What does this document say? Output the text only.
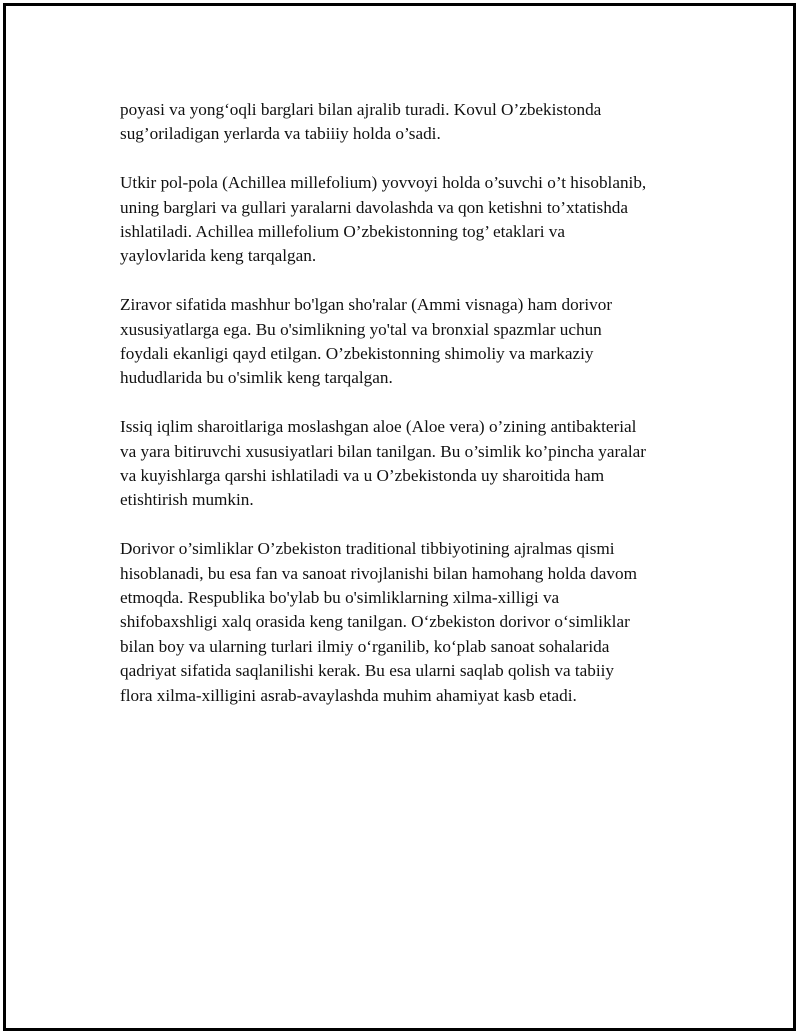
poyasi va yong‘oqli barglari bilan ajralib turadi. Kovul O’zbekistonda
sug’oriladigan yerlarda va tabiiiy holda o’sadi.

Utkir pol-pola (Achillea millefolium) yovvoyi holda o’suvchi o’t hisoblanib,
uning barglari va gullari yaralarni davolashda va qon ketishni to’xtatishda
ishlatiladi. Achillea millefolium O’zbekistonning tog’ etaklari va
yaylovlarida keng tarqalgan.

Ziravor sifatida mashhur bo'lgan sho'ralar (Ammi visnaga) ham dorivor
xususiyatlarga ega. Bu o'simlikning yo'tal va bronxial spazmlar uchun
foydali ekanligi qayd etilgan. O’zbekistonning shimoliy va markaziy
hududlarida bu o'simlik keng tarqalgan.

Issiq iqlim sharoitlariga moslashgan aloe (Aloe vera) o’zining antibakterial
va yara bitiruvchi xususiyatlari bilan tanilgan. Bu o’simlik ko’pincha yaralar
va kuyishlarga qarshi ishlatiladi va u O’zbekistonda uy sharoitida ham
etishtirish mumkin.

Dorivor o’simliklar O’zbekiston traditional tibbiyotining ajralmas qismi
hisoblanadi, bu esa fan va sanoat rivojlanishi bilan hamohang holda davom
etmoqda. Respublika bo'ylab bu o'simliklarning xilma-xilligi va
shifobaxshligi xalq orasida keng tanilgan. O‘zbekiston dorivor o‘simliklar
bilan boy va ularning turlari ilmiy o‘rganilib, ko‘plab sanoat sohalarida
qadriyat sifatida saqlanilishi kerak. Bu esa ularni saqlab qolish va tabiiy
flora xilma-xilligini asrab-avaylashda muhim ahamiyat kasb etadi.
